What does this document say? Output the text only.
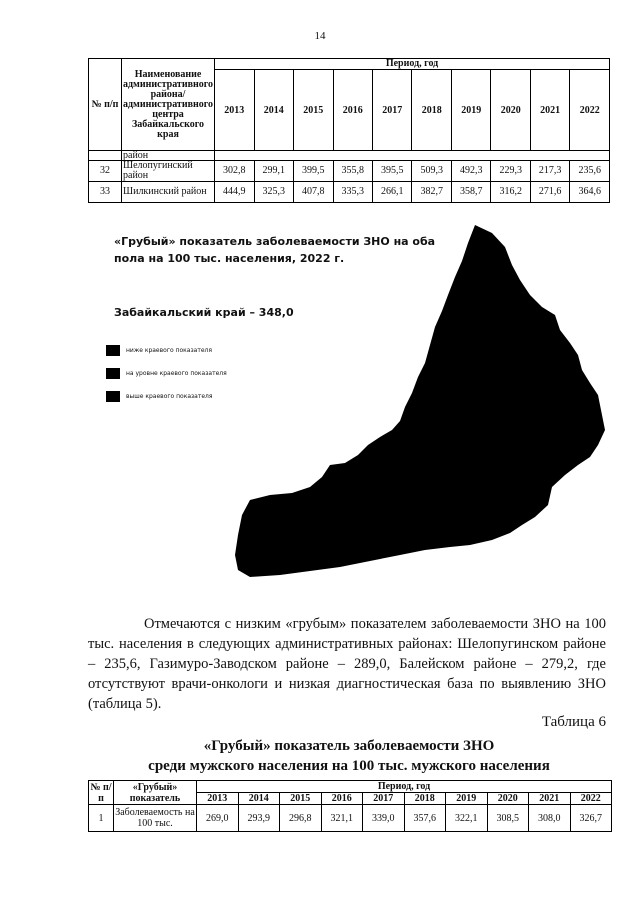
14
№ п/п	Наименование административного района/ административного центра Забайкальского края	Период, год									
		2013	2014	2015	2016	2017	2018	2019	2020	2021	2022
	район										
32	Шелопугинский район	302,8	299,1	399,5	355,8	395,5	509,3	492,3	229,3	217,3	235,6
33	Шилкинский район	444,9	325,3	407,8	335,3	266,1	382,7	358,7	316,2	271,6	364,6
«Грубый» показатель заболеваемости ЗНО на оба пола на 100 тыс. населения, 2022 г.
Забайкальский край – 348,0
ниже краевого показателя
на уровне краевого показателя
выше краевого показателя
Отмечаются с низким «грубым» показателем заболеваемости ЗНО на 100 тыс. населения в следующих административных районах: Шелопугинском районе – 235,6, Газимуро-Заводском районе – 289,0, Балейском районе – 279,2, где отсутствуют врачи-онкологи и низкая диагностическая база по выявлению ЗНО (таблица 5).
Таблица 6
«Грубый» показатель заболеваемости ЗНО
среди мужского населения на 100 тыс. мужского населения
№ п/п	«Грубый» показатель	Период, год									
		2013	2014	2015	2016	2017	2018	2019	2020	2021	2022
1	Заболеваемость на 100 тыс.	269,0	293,9	296,8	321,1	339,0	357,6	322,1	308,5	308,0	326,7
